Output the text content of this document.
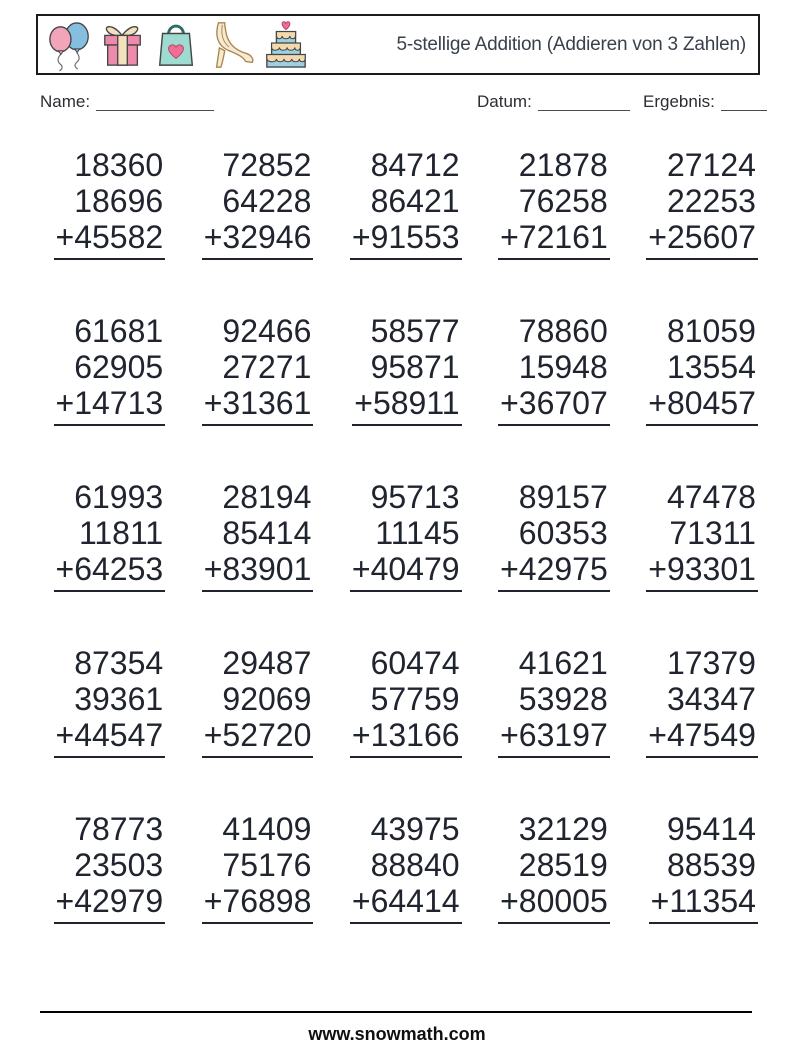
5-stellige Addition (Addieren von 3 Zahlen)
Name:	Datum:	Ergebnis:
18360
18696
+45582
72852
64228
+32946
84712
86421
+91553
21878
76258
+72161
27124
22253
+25607
61681
62905
+14713
92466
27271
+31361
58577
95871
+58911
78860
15948
+36707
81059
13554
+80457
61993
11811
+64253
28194
85414
+83901
95713
11145
+40479
89157
60353
+42975
47478
71311
+93301
87354
39361
+44547
29487
92069
+52720
60474
57759
+13166
41621
53928
+63197
17379
34347
+47549
78773
23503
+42979
41409
75176
+76898
43975
88840
+64414
32129
28519
+80005
95414
88539
+11354
www.snowmath.com
